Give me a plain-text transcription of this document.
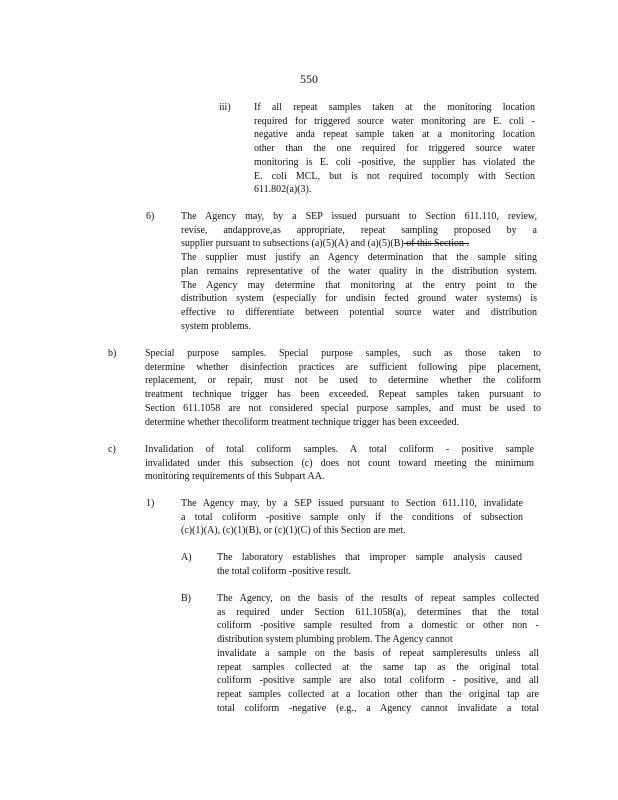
550
iii) If all repeat samples taken at the monitoring location
required for triggered source water monitoring are E. coli -
negative anda repeat sample taken at a monitoring location
other than the one required for triggered source water
monitoring is E. coli -positive, the supplier has violated the
E. coli MCL, but is not required tocomply with Section
611.802(a)(3).
6)	The Agency may, by a SEP issued pursuant to Section 611.110, review,
revise, andapprove,as appropriate, repeat sampling proposed by a
supplier pursuant to subsections (a)(5)(A) and (a)(5)(B) of this Section .
The supplier must justify an Agency determination that the sample siting
plan remains representative of the water quality in the distribution system.
The Agency may determine that monitoring at the entry point to the
distribution system (especially for undisin fected ground water systems) is
effective to differentiate between potential source water and distribution
system problems.
b)	Special purpose samples. Special purpose samples, such as those taken to
determine whether disinfection practices are sufficient following pipe placement,
replacement, or repair, must not be used to determine whether the coliform
treatment technique trigger has been exceeded. Repeat samples taken pursuant to
Section 611.1058 are not considered special purpose samples, and must be used to
determine whether thecoliform treatment technique trigger has been exceeded.
c)	Invalidation of total coliform samples. A total coliform - positive sample
invalidated under this subsection (c) does not count toward meeting the minimum
monitoring requirements of this Subpart AA.
1)	The Agency may, by a SEP issued pursuant to Section 611.110, invalidate
a total coliform -positive sample only if the conditions of subsection
(c)(1)(A), (c)(1)(B), or (c)(1)(C) of this Section are met.
A)	The laboratory establishes that improper sample analysis caused
the total coliform -positive result.
B)	The Agency, on the basis of the results of repeat samples collected
as required under Section 611.1058(a), determines that the total
coliform -positive sample resulted from a domestic or other non -
distribution system plumbing problem. The Agency cannot
invalidate a sample on the basis of repeat sampleresults unless all
repeat samples collected at the same tap as the original total
coliform -positive sample are also total coliform - positive, and all
repeat samples collected at a location other than the original tap are
total coliform -negative (e.g., a Agency cannot invalidate a total
